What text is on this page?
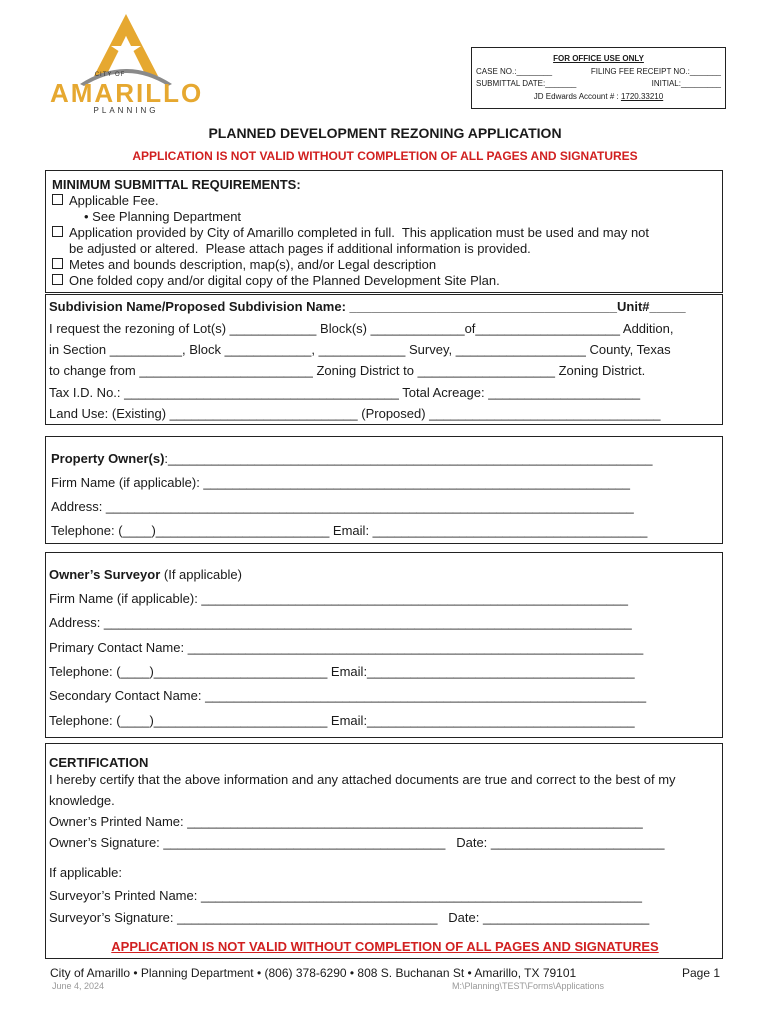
CITY OF
AMARILLO
PLANNING
FOR OFFICE USE ONLY
CASE NO.:________	FILING FEE RECEIPT NO.:_______
SUBMITTAL DATE:_______	INITIAL:_________
JD Edwards Account # : 1720.33210
PLANNED DEVELOPMENT REZONING APPLICATION
APPLICATION IS NOT VALID WITHOUT COMPLETION OF ALL PAGES AND SIGNATURES
MINIMUM SUBMITTAL REQUIREMENTS:
Applicable Fee.
• See Planning Department
Application provided by City of Amarillo completed in full.  This application must be used and may not
be adjusted or altered.  Please attach pages if additional information is provided.
Metes and bounds description, map(s), and/or Legal description
One folded copy and/or digital copy of the Planned Development Site Plan.
Subdivision Name/Proposed Subdivision Name: _____________________________________Unit#_____
I request the rezoning of Lot(s) ____________ Block(s) _____________of____________________ Addition,
in Section __________, Block ____________, ____________ Survey, __________________ County, Texas
to change from ________________________ Zoning District to ___________________ Zoning District.
Tax I.D. No.: ______________________________________ Total Acreage: _____________________
Land Use: (Existing) __________________________ (Proposed) ________________________________
Property Owner(s):___________________________________________________________________
Firm Name (if applicable): ___________________________________________________________
Address: _________________________________________________________________________
Telephone: (____)________________________ Email: ______________________________________
Owner’s Surveyor (If applicable)
Firm Name (if applicable): ___________________________________________________________
Address: _________________________________________________________________________
Primary Contact Name: _______________________________________________________________
Telephone: (____)________________________ Email:_____________________________________
Secondary Contact Name: _____________________________________________________________
Telephone: (____)________________________ Email:_____________________________________
CERTIFICATION
I hereby certify that the above information and any attached documents are true and correct to the best of my
knowledge.
Owner’s Printed Name: _______________________________________________________________
Owner’s Signature: _______________________________________   Date: ________________________
If applicable:
Surveyor’s Printed Name: _____________________________________________________________
Surveyor’s Signature: ____________________________________   Date: _______________________
APPLICATION IS NOT VALID WITHOUT COMPLETION OF ALL PAGES AND SIGNATURES
City of Amarillo • Planning Department • (806) 378-6290 • 808 S. Buchanan St • Amarillo, TX 79101	Page 1
June 4, 2024	M:\Planning\TEST\Forms\Applications
